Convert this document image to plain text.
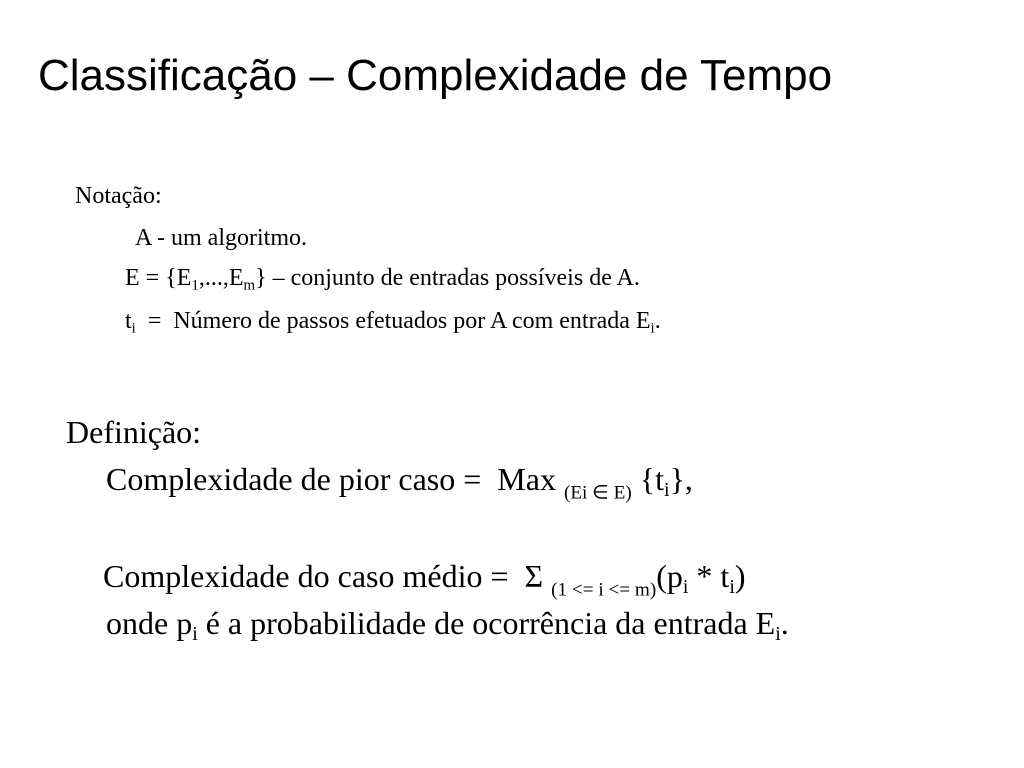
Classificação – Complexidade de Tempo
Notação:
A - um algoritmo.
$E = \{E_1,...,E_m\}$ – conjunto de entradas possíveis de A.
$t_i$  =  Número de passos efetuados por A com entrada $E_i$.
Definição:
Complexidade de pior caso =  Max $_{(Ei \in E)}$ $\{t_i\}$,
Complexidade do caso médio =  Σ $_{(1 <= i <= m)}(p_i * t_i)$
onde $p_i$ é a probabilidade de ocorrência da entrada $E_i$.
